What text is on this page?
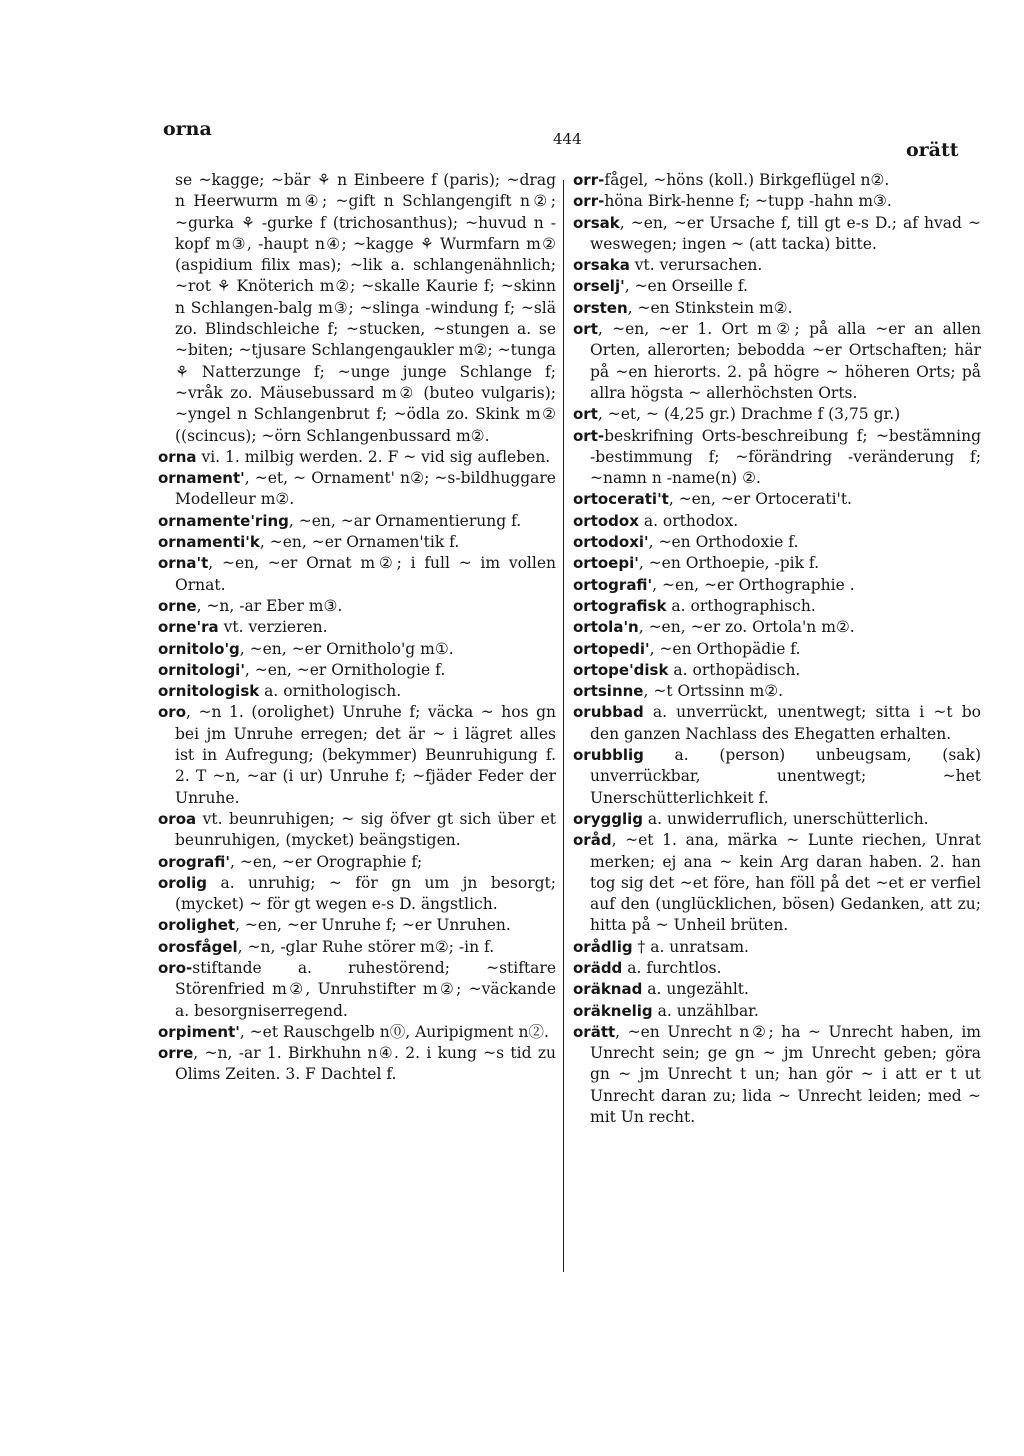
orna	444	orätt

se ~kagge; ~bär ⚘ n Einbeere f (paris); ~drag n Heerwurm m④; ~gift n Schlangengift n②; ~gurka ⚘ -gurke f (trichosanthus); ~huvud n -kopf m③, -haupt n④; ~kagge ⚘ Wurmfarn m② (aspidium filix mas); ~lik a. schlangenähnlich; ~rot ⚘ Knöterich m②; ~skalle Kaurie f; ~skinn n Schlangen-balg m③; ~slinga -windung f; ~slä zo. Blindschleiche f; ~stucken, ~stungen a. se ~biten; ~tjusare Schlangengaukler m②; ~tunga ⚘ Natterzunge f; ~unge junge Schlange f; ~vråk zo. Mäusebussard m② (buteo vulgaris); ~yngel n Schlangenbrut f; ~ödla zo. Skink m② ((scincus); ~örn Schlangenbussard m②.

orna vi. 1. milbig werden. 2. F ~ vid sig aufleben.

ornament', ~et, ~ Ornament' n②; ~s-bildhuggare Modelleur m②.

ornamente'ring, ~en, ~ar Ornamentierung f.

ornamenti'k, ~en, ~er Ornamen'tik f.

orna't, ~en, ~er Ornat m②; i full ~ im vollen Ornat.

orne, ~n, -ar Eber m③.

orne'ra vt. verzieren.

ornitolo'g, ~en, ~er Ornitholo'g m①.

ornitologi', ~en, ~er Ornithologie f.

ornitologisk a. ornithologisch.

oro, ~n 1. (orolighet) Unruhe f; väcka ~ hos gn bei jm Unruhe erregen; det är ~ i lägret alles ist in Aufregung; (bekymmer) Beunruhigung f. 2. T ~n, ~ar (i ur) Unruhe f; ~fjäder Feder der Unruhe.

oroa vt. beunruhigen; ~ sig öfver gt sich über et beunruhigen, (mycket) beängstigen.

orografi', ~en, ~er Orographie f;

orolig a. unruhig; ~ för gn um jn besorgt; (mycket) ~ för gt wegen e-s D. ängstlich.

orolighet, ~en, ~er Unruhe f; ~er Unruhen.

orosfågel, ~n, -glar Ruhe störer m②; -in f.

oro-stiftande a. ruhestörend; ~stiftare Störenfried m②, Unruhstifter m②; ~väckande a. besorgniserregend.

orpiment', ~et Rauschgelb n⓪, Auripigment n②.

orre, ~n, -ar 1. Birkhuhn n④. 2. i kung ~s tid zu Olims Zeiten. 3. F Dachtel f.

orr-fågel, ~höns (koll.) Birkgeflügel n②.

orr-höna Birk-henne f; ~tupp -hahn m③.

orsak, ~en, ~er Ursache f, till gt e-s D.; af hvad ~ weswegen; ingen ~ (att tacka) bitte.

orsaka vt. verursachen.

orselj', ~en Orseille f.

orsten, ~en Stinkstein m②.

ort, ~en, ~er 1. Ort m②; på alla ~er an allen Orten, allerorten; bebodda ~er Ortschaften; här på ~en hierorts. 2. på högre ~ höheren Orts; på allra högsta ~ allerhöchsten Orts.

ort, ~et, ~ (4,25 gr.) Drachme f (3,75 gr.)

ort-beskrifning Orts-beschreibung f; ~bestämning -bestimmung f; ~förändring -veränderung f; ~namn n -name(n) ②.

ortocerati't, ~en, ~er Ortocerati't.

ortodox a. orthodox.

ortodoxi', ~en Orthodoxie f.

ortoepi', ~en Orthoepie, -pik f.

ortografi', ~en, ~er Orthographie .

ortografisk a. orthographisch.

ortola'n, ~en, ~er zo. Ortola'n m②.

ortopedi', ~en Orthopädie f.

ortope'disk a. orthopädisch.

ortsinne, ~t Ortssinn m②.

orubbad a. unverrückt, unentwegt; sitta i ~t bo den ganzen Nachlass des Ehegatten erhalten.

orubblig a. (person) unbeugsam, (sak) unverrückbar, unentwegt; ~het Unerschütterlichkeit f.

orygglig a. unwiderruflich, unerschütterlich.

oråd, ~et 1. ana, märka ~ Lunte riechen, Unrat merken; ej ana ~ kein Arg daran haben. 2. han tog sig det ~et före, han föll på det ~et er verfiel auf den (unglücklichen, bösen) Gedanken, att zu; hitta på ~ Unheil brüten.

orådlig † a. unratsam.

orädd a. furchtlos.

oräknad a. ungezählt.

oräknelig a. unzählbar.

orätt, ~en Unrecht n②; ha ~ Unrecht haben, im Unrecht sein; ge gn ~ jm Unrecht geben; göra gn ~ jm Unrecht t un; han gör ~ i att er t ut Unrecht daran zu; lida ~ Unrecht leiden; med ~ mit Un recht.
